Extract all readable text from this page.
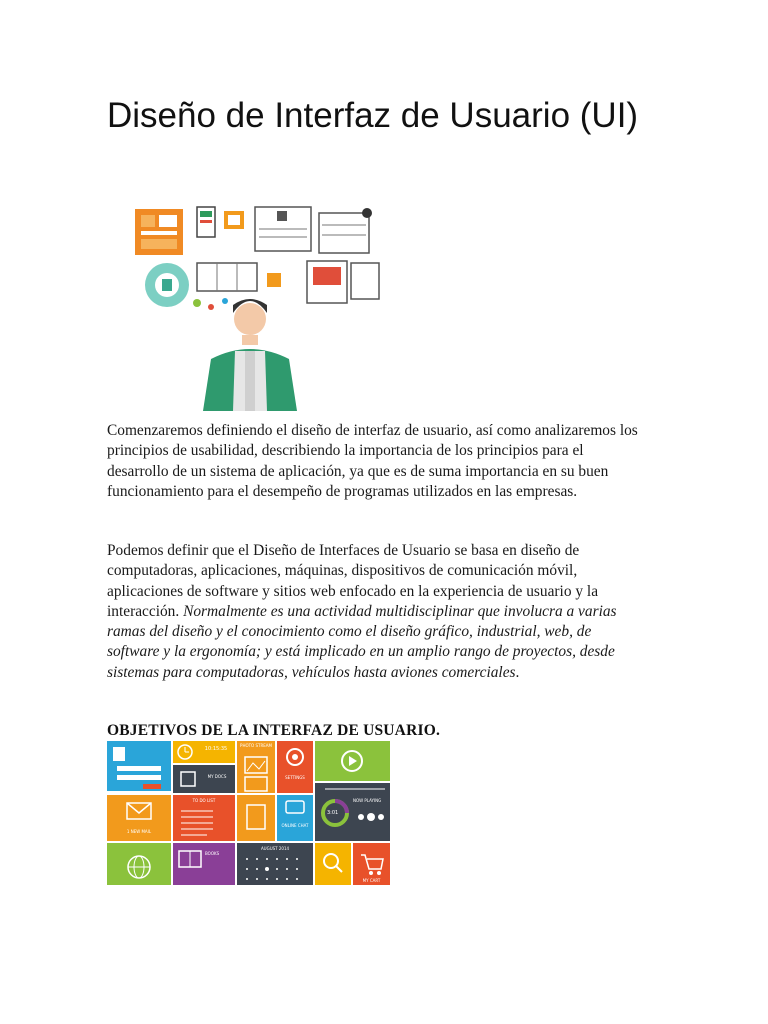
Diseño de Interfaz de Usuario (UI)

Comenzaremos definiendo el diseño de interfaz de usuario, así como analizaremos los principios de usabilidad, describiendo la importancia de los principios para el desarrollo de un sistema de aplicación, ya que es de suma importancia en su buen funcionamiento para el desempeño de programas utilizados en las empresas.

Podemos definir que el Diseño de Interfaces de Usuario se basa en diseño de computadoras, aplicaciones, máquinas, dispositivos de comunicación móvil, aplicaciones de software y sitios web enfocado en la experiencia de usuario y la interacción. Normalmente es una actividad multidisciplinar que involucra a varias ramas del diseño y el conocimiento como el diseño gráfico, industrial, web, de software y la ergonomía; y está implicado en un amplio rango de proyectos, desde sistemas para computadoras, vehículos hasta aviones comerciales.

OBJETIVOS DE LA INTERFAZ DE USUARIO.
10:15:35
MY DOCS
PHOTO STREAM
SETTINGS
1 NEW MAIL
TO DO LIST
ONLINE CHAT
3:01
NOW PLAYING
BOOKS
AUGUST 2014
MY CART
